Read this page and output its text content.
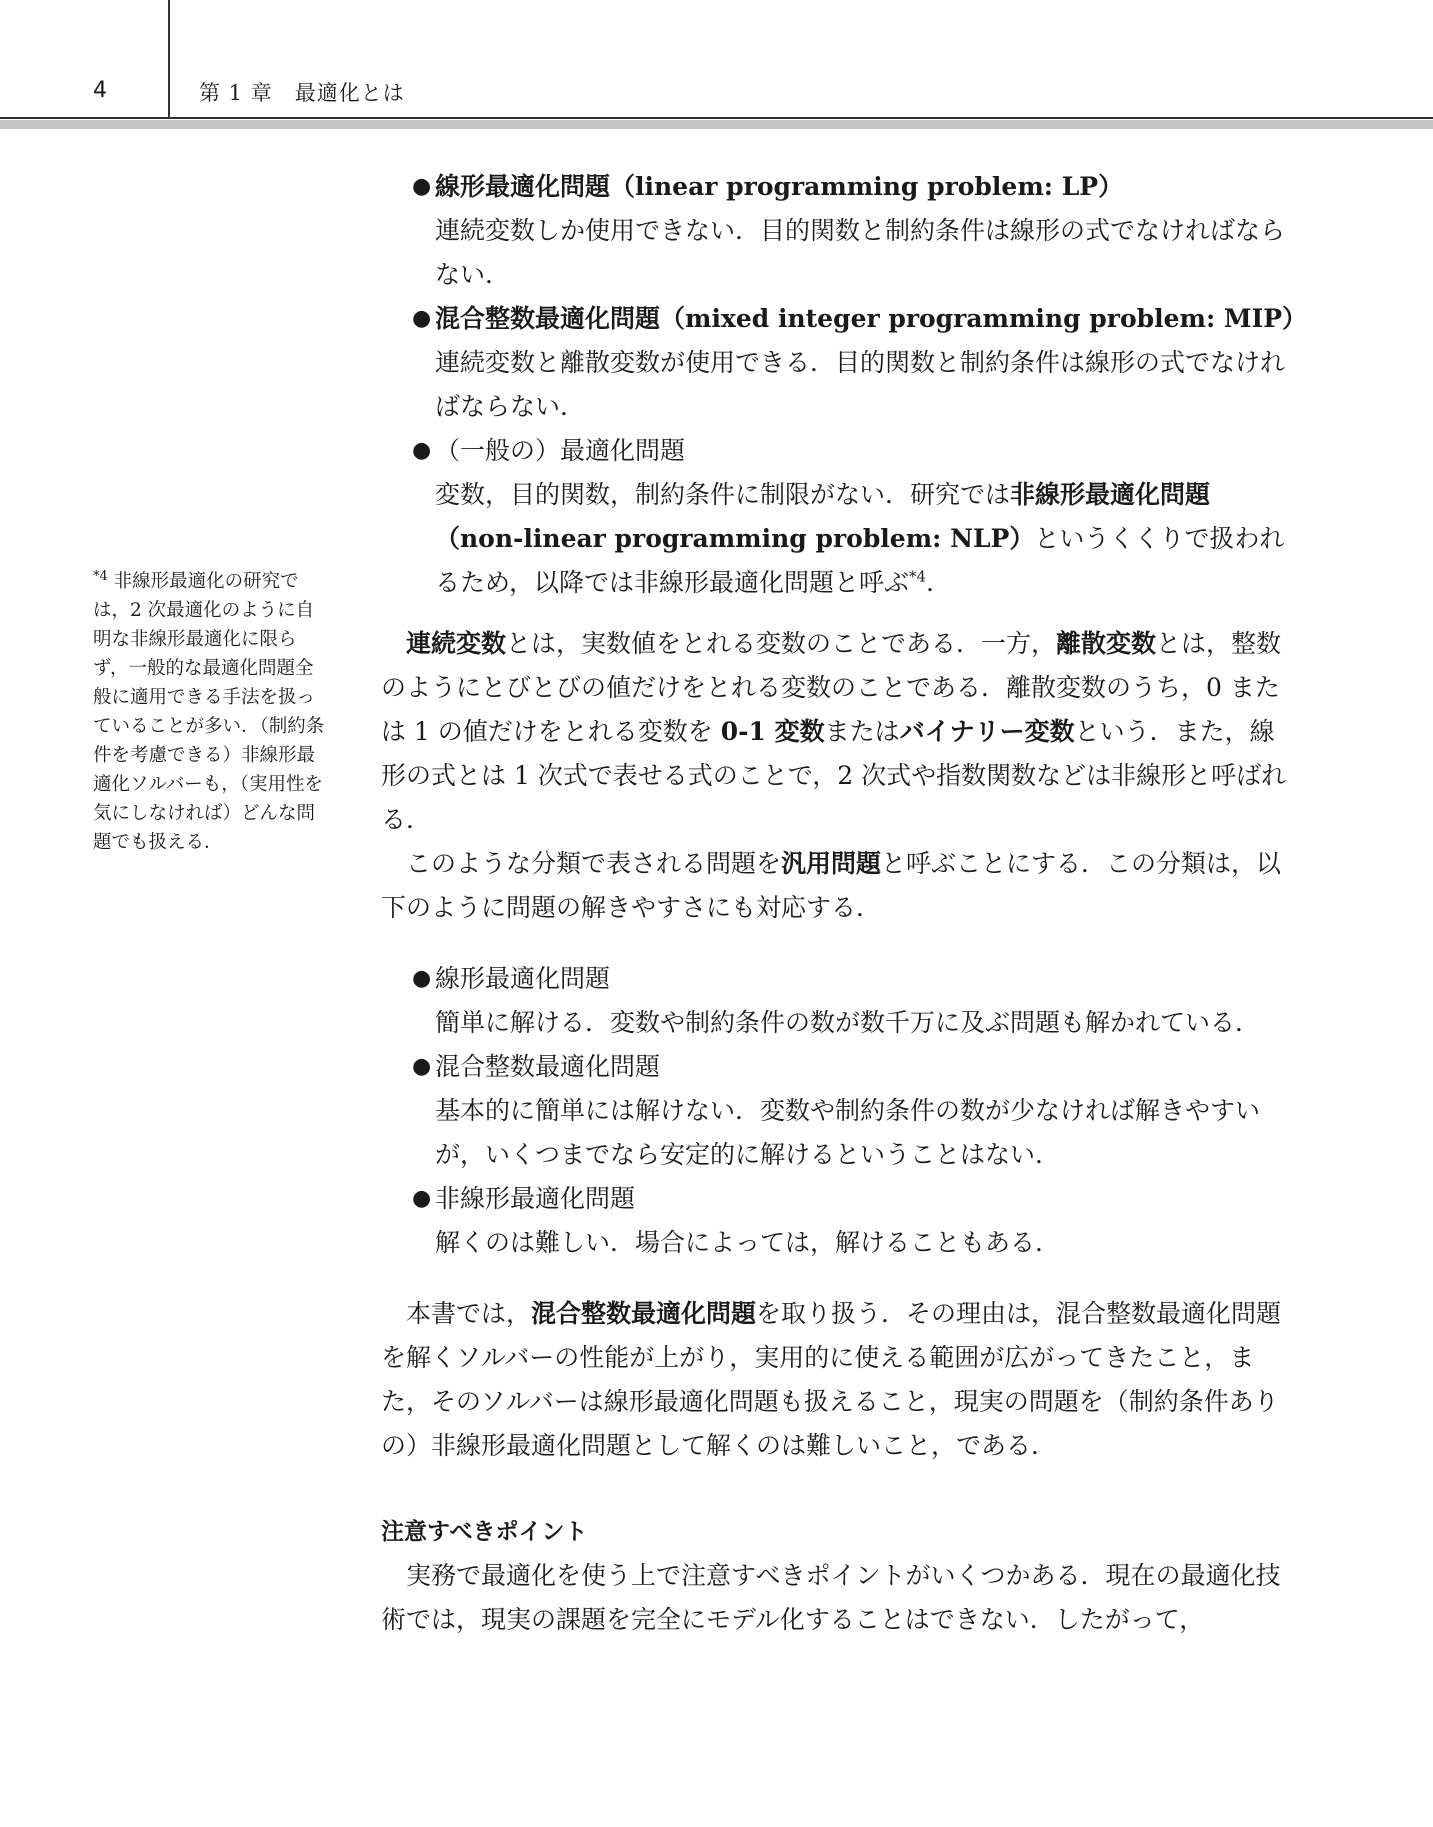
4	第 1 章　最適化とは
$^{*4}$ 非線形最適化の研究では，2 次最適化のように自明な非線形最適化に限らず，一般的な最適化問題全般に適用できる手法を扱っていることが多い．（制約条件を考慮できる）非線形最適化ソルバーも，（実用性を気にしなければ）どんな問題でも扱える．
● 線形最適化問題（linear programming problem: LP）
連続変数しか使用できない．目的関数と制約条件は線形の式でなければならない．
● 混合整数最適化問題（mixed integer programming problem: MIP）
連続変数と離散変数が使用できる．目的関数と制約条件は線形の式でなければならない．
● （一般の）最適化問題
変数，目的関数，制約条件に制限がない．研究では非線形最適化問題（non-linear programming problem: NLP）というくくりで扱われるため，以降では非線形最適化問題と呼ぶ$^{*4}$．

連続変数とは，実数値をとれる変数のことである．一方，離散変数とは，整数のようにとびとびの値だけをとれる変数のことである．離散変数のうち，0 または 1 の値だけをとれる変数を 0-1 変数またはバイナリー変数という．また，線形の式とは 1 次式で表せる式のことで，2 次式や指数関数などは非線形と呼ばれる．

このような分類で表される問題を汎用問題と呼ぶことにする．この分類は，以下のように問題の解きやすさにも対応する．

● 線形最適化問題
簡単に解ける．変数や制約条件の数が数千万に及ぶ問題も解かれている．
● 混合整数最適化問題
基本的に簡単には解けない．変数や制約条件の数が少なければ解きやすいが，いくつまでなら安定的に解けるということはない．
● 非線形最適化問題
解くのは難しい．場合によっては，解けることもある．

本書では，混合整数最適化問題を取り扱う．その理由は，混合整数最適化問題を解くソルバーの性能が上がり，実用的に使える範囲が広がってきたこと，また，そのソルバーは線形最適化問題も扱えること，現実の問題を（制約条件ありの）非線形最適化問題として解くのは難しいこと，である．

注意すべきポイント

実務で最適化を使う上で注意すべきポイントがいくつかある．現在の最適化技術では，現実の課題を完全にモデル化することはできない．したがって，
